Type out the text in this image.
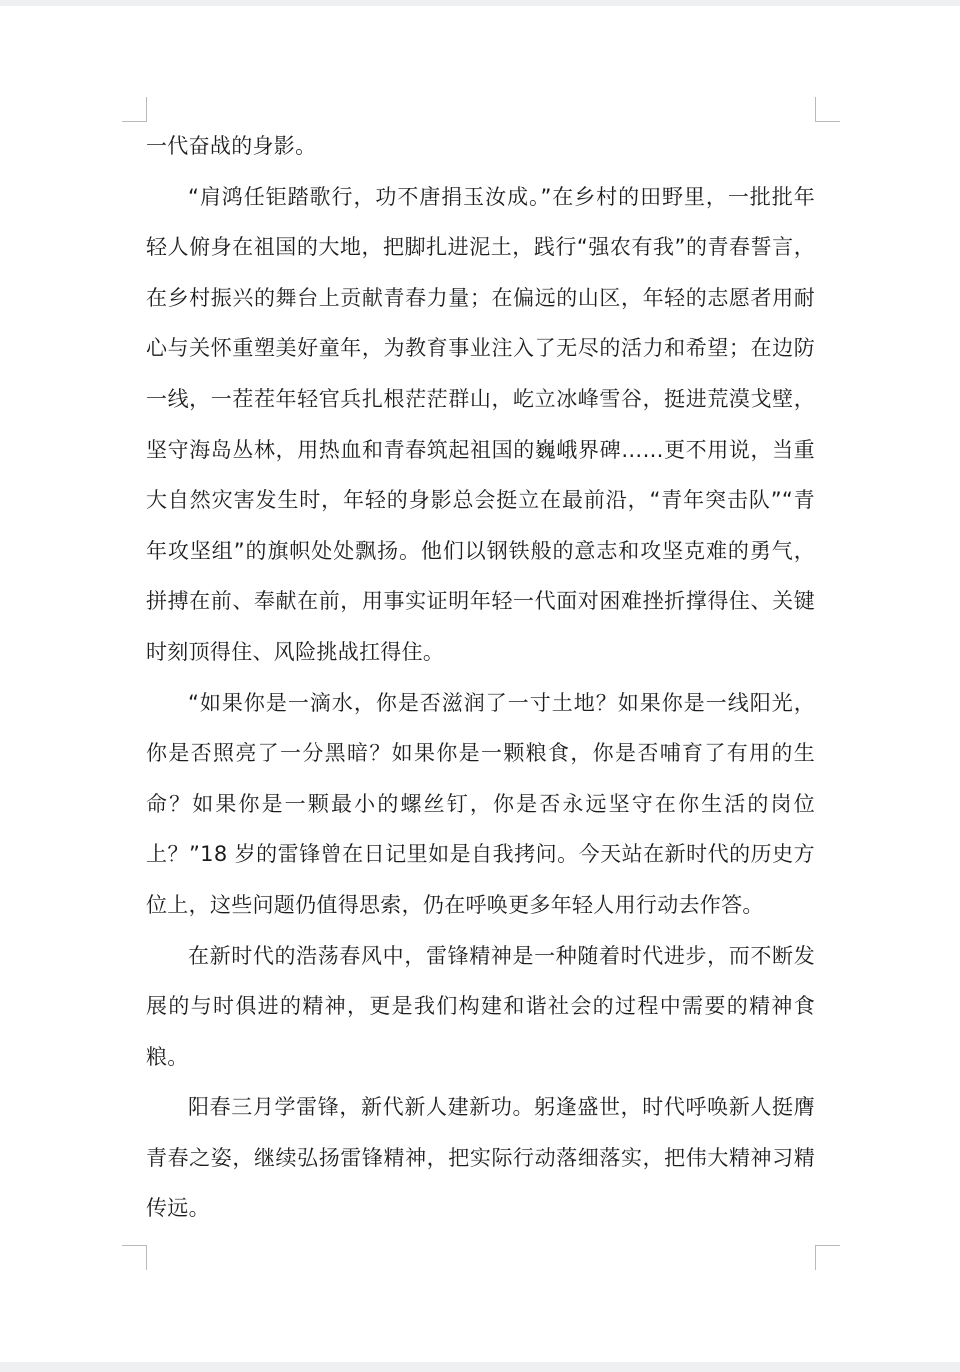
一代奋战的身影。

“肩鸿任钜踏歌行，功不唐捐玉汝成。”在乡村的田野里，一批批年轻人俯身在祖国的大地，把脚扎进泥土，践行“强农有我”的青春誓言，在乡村振兴的舞台上贡献青春力量；在偏远的山区，年轻的志愿者用耐心与关怀重塑美好童年，为教育事业注入了无尽的活力和希望；在边防一线，一茬茬年轻官兵扎根茫茫群山，屹立冰峰雪谷，挺进荒漠戈壁，坚守海岛丛林，用热血和青春筑起祖国的巍峨界碑……更不用说，当重大自然灾害发生时，年轻的身影总会挺立在最前沿，“青年突击队”“青年攻坚组”的旗帜处处飘扬。他们以钢铁般的意志和攻坚克难的勇气，拼搏在前、奉献在前，用事实证明年轻一代面对困难挫折撑得住、关键时刻顶得住、风险挑战扛得住。

“如果你是一滴水，你是否滋润了一寸土地？如果你是一线阳光，你是否照亮了一分黑暗？如果你是一颗粮食，你是否哺育了有用的生命？如果你是一颗最小的螺丝钉，你是否永远坚守在你生活的岗位上？”18 岁的雷锋曾在日记里如是自我拷问。今天站在新时代的历史方位上，这些问题仍值得思索，仍在呼唤更多年轻人用行动去作答。

在新时代的浩荡春风中，雷锋精神是一种随着时代进步，而不断发展的与时俱进的精神，更是我们构建和谐社会的过程中需要的精神食粮。

阳春三月学雷锋，新代新人建新功。躬逢盛世，时代呼唤新人挺膺青春之姿，继续弘扬雷锋精神，把实际行动落细落实，把伟大精神习精传远。
